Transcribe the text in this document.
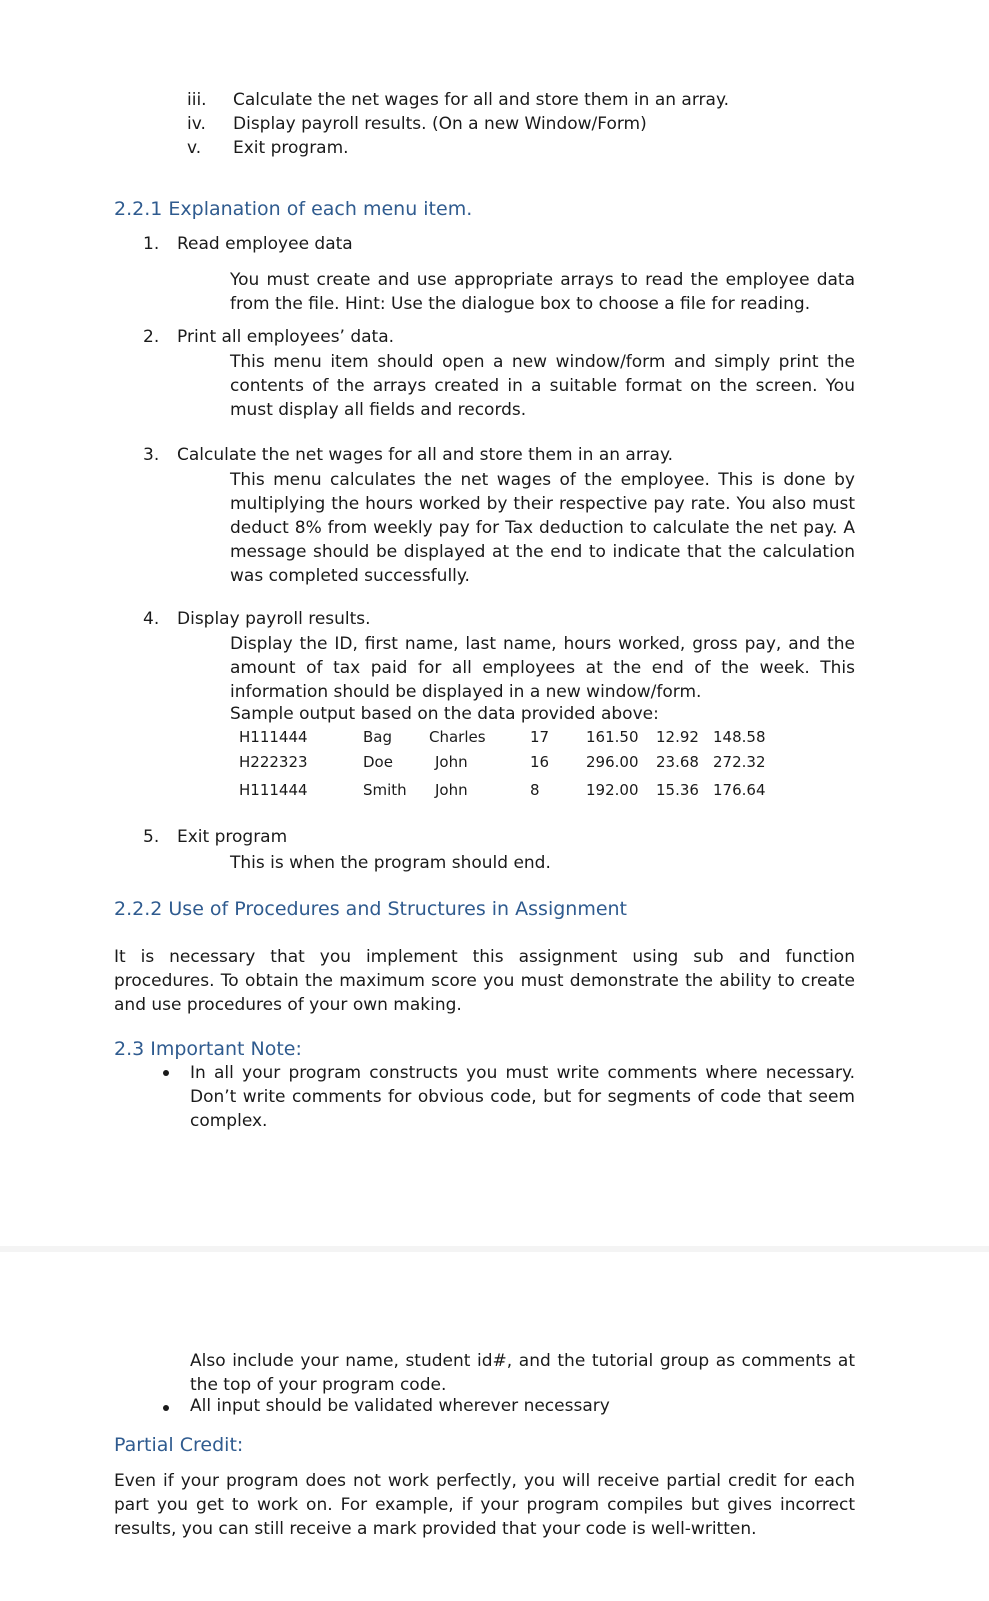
iii.	Calculate the net wages for all and store them in an array.
iv.	Display payroll results. (On a new Window/Form)
v.	Exit program.
2.2.1 Explanation of each menu item.
1. Read employee data
You must create and use appropriate arrays to read the employee data from the file. Hint: Use the dialogue box to choose a file for reading.
2. Print all employees’ data.
This menu item should open a new window/form and simply print the contents of the arrays created in a suitable format on the screen. You must display all fields and records.
3. Calculate the net wages for all and store them in an array.
This menu calculates the net wages of the employee. This is done by multiplying the hours worked by their respective pay rate. You also must deduct 8% from weekly pay for Tax deduction to calculate the net pay. A message should be displayed at the end to indicate that the calculation was completed successfully.
4. Display payroll results.
Display the ID, first name, last name, hours worked, gross pay, and the amount of tax paid for all employees at the end of the week. This information should be displayed in a new window/form.
Sample output based on the data provided above:
H111444	Bag Charles	17 161.50 12.92 148.58
H222323	Doe	John	16 296.00 23.68 272.32
H111444	Smith John	8	192.00 15.36 176.64
5. Exit program
This is when the program should end.
2.2.2 Use of Procedures and Structures in Assignment
It is necessary that you implement this assignment using sub and function procedures. To obtain the maximum score you must demonstrate the ability to create and use procedures of your own making.
2.3 Important Note:
In all your program constructs you must write comments where necessary. Don’t write comments for obvious code, but for segments of code that seem complex.
Also include your name, student id#, and the tutorial group as comments at the top of your program code.
All input should be validated wherever necessary
Partial Credit:
Even if your program does not work perfectly, you will receive partial credit for each part you get to work on. For example, if your program compiles but gives incorrect results, you can still receive a mark provided that your code is well-written.
